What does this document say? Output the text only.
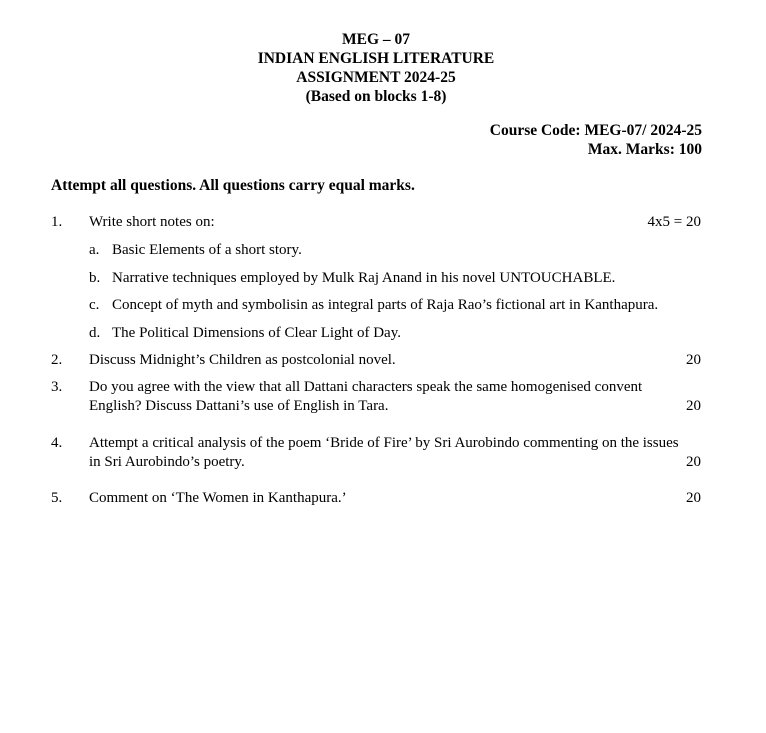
MEG – 07
INDIAN ENGLISH LITERATURE
ASSIGNMENT 2024-25
(Based on blocks 1-8)
Course Code: MEG-07/ 2024-25
Max. Marks: 100
Attempt all questions. All questions carry equal marks.
1. Write short notes on:	4x5 = 20
a. Basic Elements of a short story.
b. Narrative techniques employed by Mulk Raj Anand in his novel UNTOUCHABLE.
c. Concept of myth and symbolisin as integral parts of Raja Rao’s fictional art in Kanthapura.
d. The Political Dimensions of Clear Light of Day.
2. Discuss Midnight’s Children as postcolonial novel.	20
3. Do you agree with the view that all Dattani characters speak the same homogenised convent English? Discuss Dattani’s use of English in Tara.	20
4. Attempt a critical analysis of the poem ‘Bride of Fire’ by Sri Aurobindo commenting on the issues in Sri Aurobindo’s poetry.	20
5. Comment on ‘The Women in Kanthapura.’	20
